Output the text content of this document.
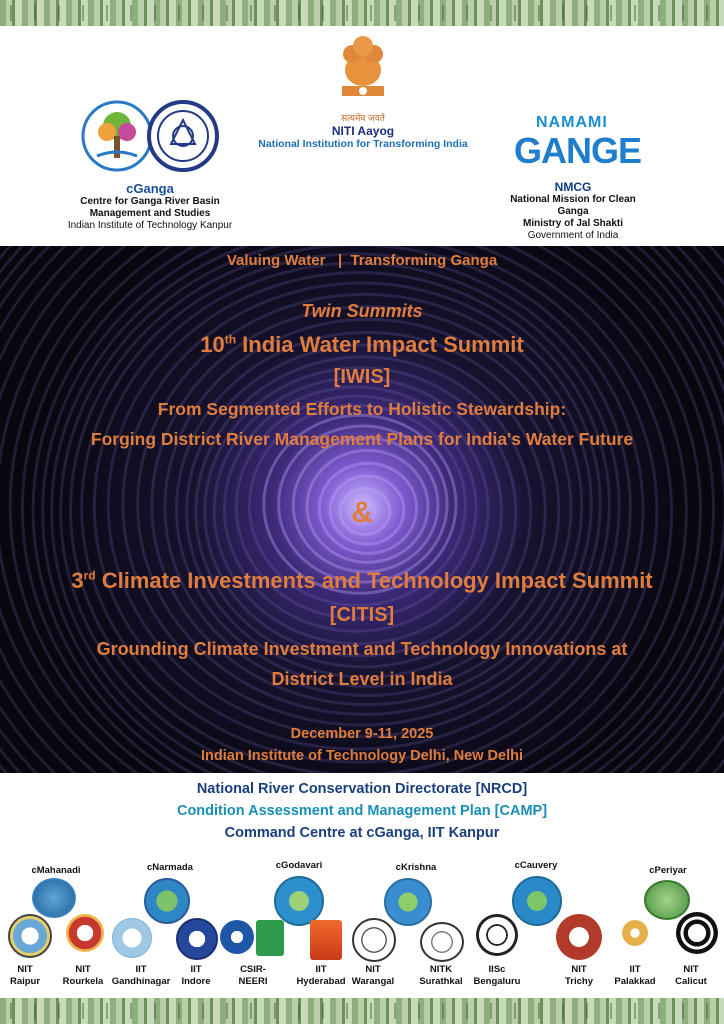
cGanga
Centre for Ganga River Basin
Management and Studies
Indian Institute of Technology Kanpur
सत्यमेव जयते
NITI Aayog
National Institution for Transforming India
NAMAMI
GANGE
NMCG
National Mission for Clean Ganga
Ministry of Jal Shakti
Government of India
Valuing Water   |  Transforming Ganga
Twin Summits
10th India Water Impact Summit
[IWIS]
From Segmented Efforts to Holistic Stewardship:
Forging District River Management Plans for India's Water Future
&
3rd Climate Investments and Technology Impact Summit
[CITIS]
Grounding Climate Investment and Technology Innovations at
District Level in India
December 9-11, 2025
Indian Institute of Technology Delhi, New Delhi
National River Conservation Directorate [NRCD]
Condition Assessment and Management Plan [CAMP]
Command Centre at cGanga, IIT Kanpur
cMahanadi	cNarmada	cGodavari	cKrishna	cCauvery	cPeriyar
NIT
Raipur
NIT
Rourkela
IIT
Gandhinagar
IIT
Indore
CSIR-
NEERI
IIT
Hyderabad
NIT
Warangal
NITK
Surathkal
IISc
Bengaluru
NIT
Trichy
IIT
Palakkad
NIT
Calicut
